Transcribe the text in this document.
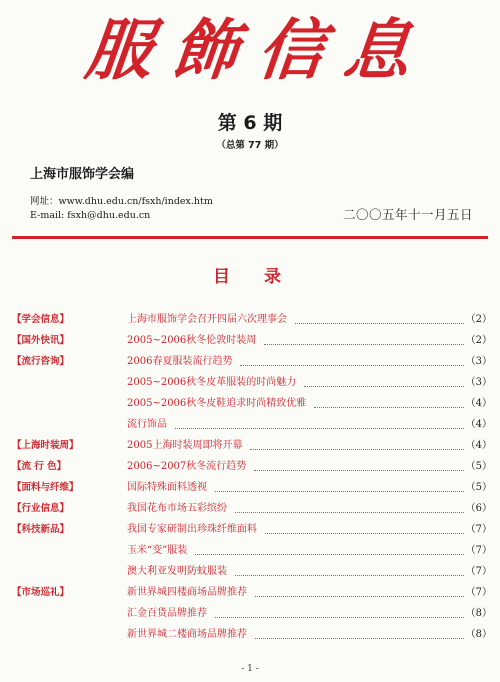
服飾信息
第 6 期
（总第 77 期）
上海市服饰学会编
网址：www.dhu.edu.cn/fsxh/index.htm
E-mail: fsxh@dhu.edu.cn	二〇〇五年十一月五日
目 录
【学会信息】	上海市服饰学会召开四届六次理事会	（2）
【国外快讯】	2005~2006秋冬伦敦时装周	（2）
【流行咨询】	2006春夏服装流行趋势	（3）
2005~2006秋冬皮革服装的时尚魅力	（3）
2005~2006秋冬皮鞋追求时尚精致优雅	（4）
流行饰品	（4）
【上海时装周】	2005上海时装周即将开幕	（4）
【流 行 色】	2006~2007秋冬流行趋势	（5）
【面料与纤维】	国际特殊面料透视	（5）
【行业信息】	我国花布市场五彩缤纷	（6）
【科技新品】	我国专家研制出珍珠纤维面料	（7）
玉米“变”服装	（7）
澳大利亚发明防蚊服装	（7）
【市场巡礼】	新世界城四楼商场品牌推荐	（7）
汇金百货品牌推荐	（8）
新世界城二楼商场品牌推荐	（8）
- 1 -
